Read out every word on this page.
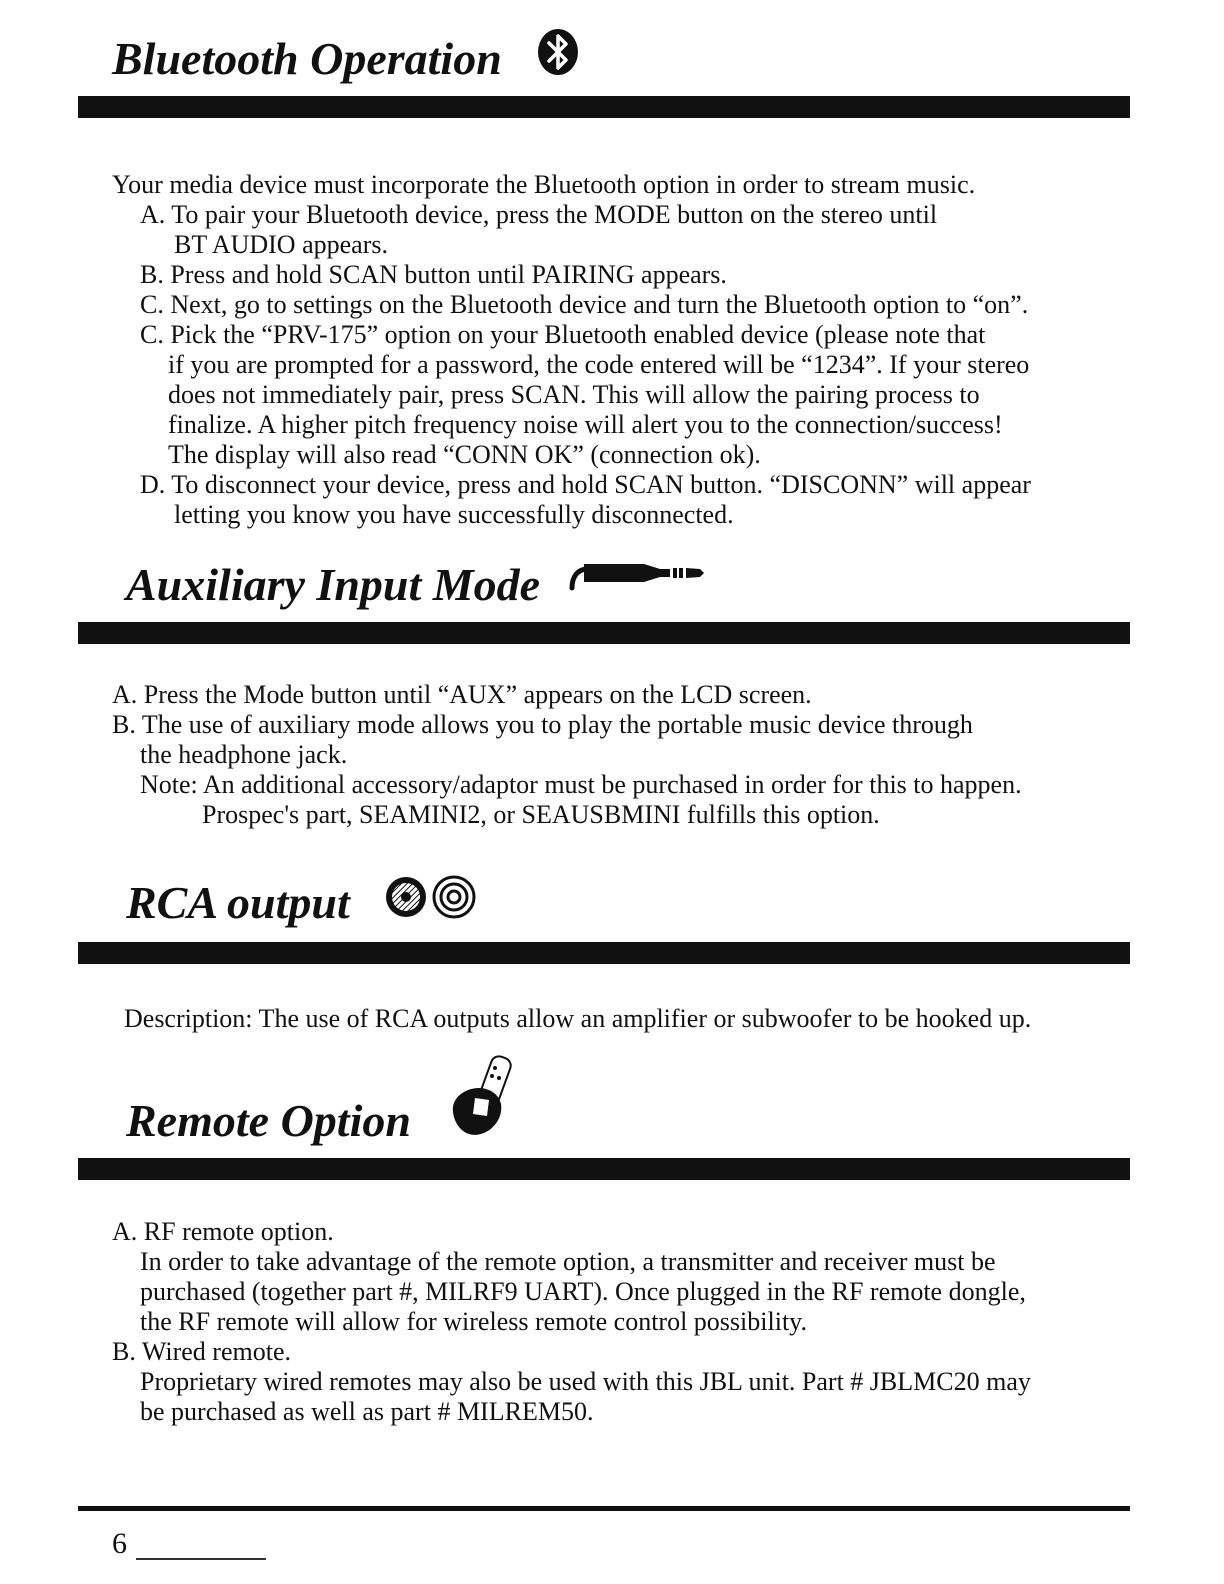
Bluetooth Operation
Your media device must incorporate the Bluetooth option in order to stream music.
A. To pair your Bluetooth device, press the MODE button on the stereo until
BT AUDIO appears.
B. Press and hold SCAN button until PAIRING appears.
C. Next, go to settings on the Bluetooth device and turn the Bluetooth option to “on”.
C. Pick the “PRV-175” option on your Bluetooth enabled device (please note that
if you are prompted for a password, the code entered will be “1234”. If your stereo
does not immediately pair, press SCAN. This will allow the pairing process to
finalize. A higher pitch frequency noise will alert you to the connection/success!
The display will also read “CONN OK” (connection ok).
D. To disconnect your device, press and hold SCAN button. “DISCONN” will appear
letting you know you have successfully disconnected.
Auxiliary Input Mode
A. Press the Mode button until “AUX” appears on the LCD screen.
B. The use of auxiliary mode allows you to play the portable music device through
the headphone jack.
Note: An additional accessory/adaptor must be purchased in order for this to happen.
Prospec's part, SEAMINI2, or SEAUSBMINI fulfills this option.
RCA output
Description: The use of RCA outputs allow an amplifier or subwoofer to be hooked up.
Remote Option
A. RF remote option.
In order to take advantage of the remote option, a transmitter and receiver must be
purchased (together part #, MILRF9 UART). Once plugged in the RF remote dongle,
the RF remote will allow for wireless remote control possibility.
B. Wired remote.
Proprietary wired remotes may also be used with this JBL unit. Part # JBLMC20 may
be purchased as well as part # MILREM50.
6
